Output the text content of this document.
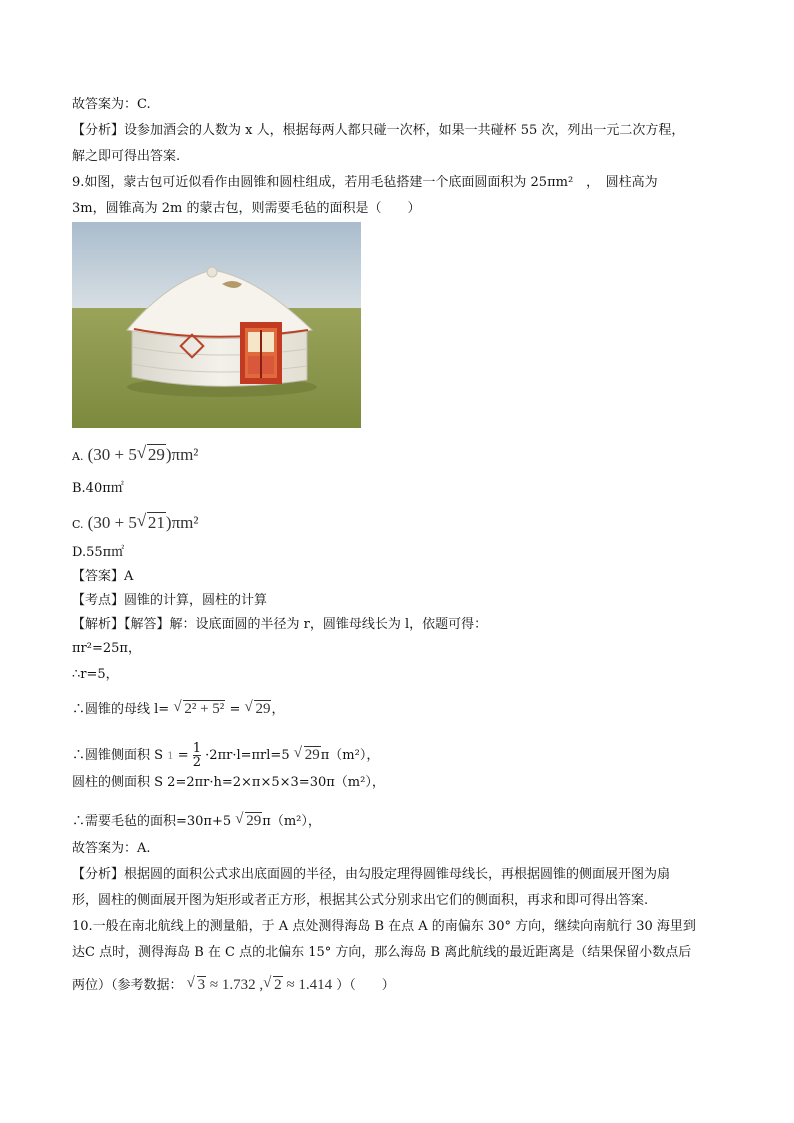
故答案为：C.
【分析】设参加酒会的人数为 x 人，根据每两人都只碰一次杯，如果一共碰杯 55 次，列出一元二次方程，
解之即可得出答案.
9.如图，蒙古包可近似看作由圆锥和圆柱组成，若用毛毡搭建一个底面圆面积为 25πm²　，　圆柱高为
3m，圆锥高为 2m 的蒙古包，则需要毛毡的面积是（　　）
A. (30 + 5 √ 29)πm²
B.40π㎡
C. (30 + 5 √ 21)πm²
D.55π㎡
【答案】A
【考点】圆锥的计算，圆柱的计算
【解析】【解答】解：设底面圆的半径为 r，圆锥母线长为 l，依题可得：
πr²=25π，
∴r=5，
∴圆锥的母线 l= √ 2² + 5² = √ 29，
∴圆锥侧面积 S $1 = \frac{1}{2} \cdot 2\pi r\cdot l=\pi rl=5$ √ 29π（m²），
圆柱的侧面积 S 2=2πr·h=2×π×5×3=30π（m²），
∴需要毛毡的面积=30π+5 √ 29π（m²），
故答案为：A.
【分析】根据圆的面积公式求出底面圆的半径，由勾股定理得圆锥母线长，再根据圆锥的侧面展开图为扇
形，圆柱的侧面展开图为矩形或者正方形，根据其公式分别求出它们的侧面积，再求和即可得出答案.
10.一般在南北航线上的测量船，于 A 点处测得海岛 B 在点 A 的南偏东 30° 方向，继续向南航行 30 海里到
达C 点时，测得海岛 B 在 C 点的北偏东 15° 方向，那么海岛 B 离此航线的最近距离是（结果保留小数点后
两位）（参考数据： √ 3 ≈ 1.732 , √ 2 ≈ 1.414 ）（　　）
